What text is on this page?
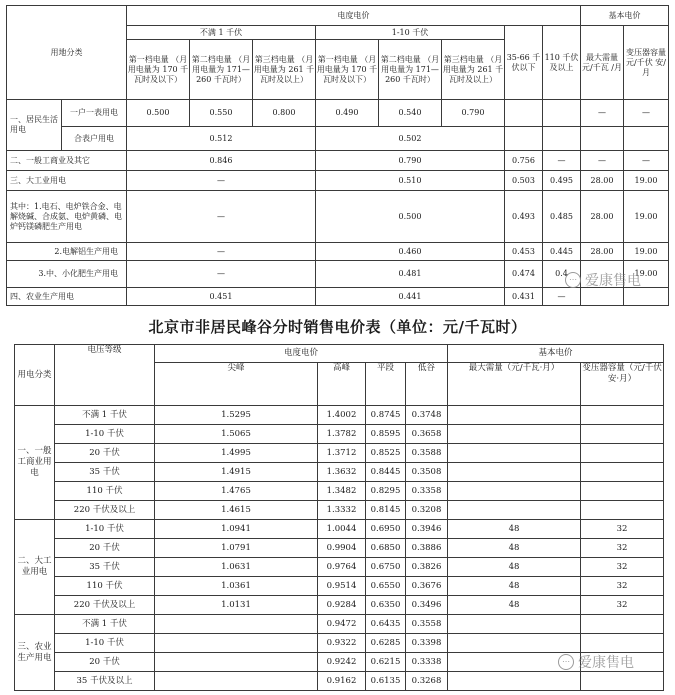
用地分类		电度电价								基本电价	
		不满 1 千伏			1-10 千伏			35-66 千伏以下	110 千伏及以上	最大需量 元/千瓦 /月	变压器容量 元/千伏 安/月
		第一档电量 （月用电量为 170 千瓦时及以下）	第二档电量 （月用电量为 171—260 千瓦时）	第三档电量 （月用电量为 261 千瓦时及以上）	第一档电量 （月用电量为 170 千瓦时及以下）	第二档电量 （月用电量为 171—260 千瓦时）	第三档电量 （月用电量为 261 千瓦时及以上）				
一、居民生活用电	一户一表用电	0.500	0.550	0.800	0.490	0.540	0.790			—	—
	合表户用电	0.512			0.502						
二、一般工商业及其它		0.846			0.790			0.756	—	—	—
三、大工业用电		—			0.510			0.503	0.495	28.00	19.00
其中：1.电石、电炉铁合金、电解烧碱、合成氨、电炉黄磷、电炉钙镁磷肥生产用电		—			0.500			0.493	0.485	28.00	19.00
2.电解铝生产用电		—			0.460			0.453	0.445	28.00	19.00
3.中、小化肥生产用电		—			0.481			0.474	0.4		19.00
四、农业生产用电		0.451			0.441			0.431	—		
⋯ 爱康售电
北京市非居民峰谷分时销售电价表（单位：元/千瓦时）
用电分类	电压等级	电度电价				基本电价	
		尖峰	高峰	平段	低谷	最大需量（元/千瓦·月）	变压器容量（元/千伏安·月）
一、一般工商业用电	不满 1 千伏	1.5295	1.4002	0.8745	0.3748		
	1-10 千伏	1.5065	1.3782	0.8595	0.3658		
	20 千伏	1.4995	1.3712	0.8525	0.3588		
	35 千伏	1.4915	1.3632	0.8445	0.3508		
	110 千伏	1.4765	1.3482	0.8295	0.3358		
	220 千伏及以上	1.4615	1.3332	0.8145	0.3208		
二、大工业用电	1-10 千伏	1.0941	1.0044	0.6950	0.3946	48	32
	20 千伏	1.0791	0.9904	0.6850	0.3886	48	32
	35 千伏	1.0631	0.9764	0.6750	0.3826	48	32
	110 千伏	1.0361	0.9514	0.6550	0.3676	48	32
	220 千伏及以上	1.0131	0.9284	0.6350	0.3496	48	32
三、农业生产用电	不满 1 千伏		0.9472	0.6435	0.3558		
	1-10 千伏		0.9322	0.6285	0.3398		
	20 千伏		0.9242	0.6215	0.3338		
	35 千伏及以上		0.9162	0.6135	0.3268		
⋯ 爱康售电
